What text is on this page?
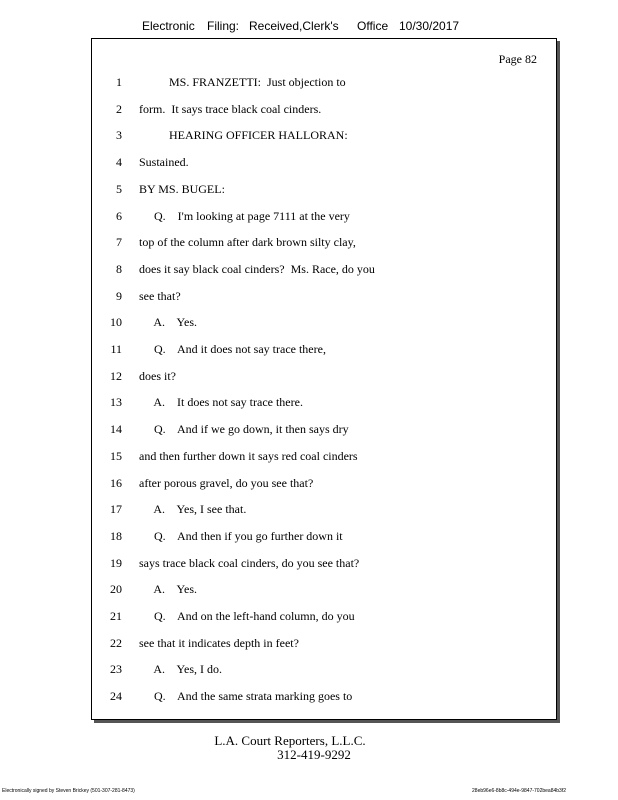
Electronic Filing: Received,Clerk's Office 10/30/2017
Page 82
1 MS. FRANZETTI:  Just objection to
2 form.  It says trace black coal cinders.
3 HEARING OFFICER HALLORAN:
4 Sustained.
5 BY MS. BUGEL:
6 Q.    I'm looking at page 7111 at the very
7 top of the column after dark brown silty clay,
8 does it say black coal cinders?  Ms. Race, do you
9 see that?
10 A.    Yes.
11 Q.    And it does not say trace there,
12 does it?
13 A.    It does not say trace there.
14 Q.    And if we go down, it then says dry
15 and then further down it says red coal cinders
16 after porous gravel, do you see that?
17 A.    Yes, I see that.
18 Q.    And then if you go further down it
19 says trace black coal cinders, do you see that?
20 A.    Yes.
21 Q.    And on the left-hand column, do you
22 see that it indicates depth in feet?
23 A.    Yes, I do.
24 Q.    And the same strata marking goes to
L.A. Court Reporters, L.L.C.
312-419-9292
Electronically signed by Steven Brickey (501-307-281-8473)	28eb96e6-8b8c-494e-9847-702bea84b3f2
